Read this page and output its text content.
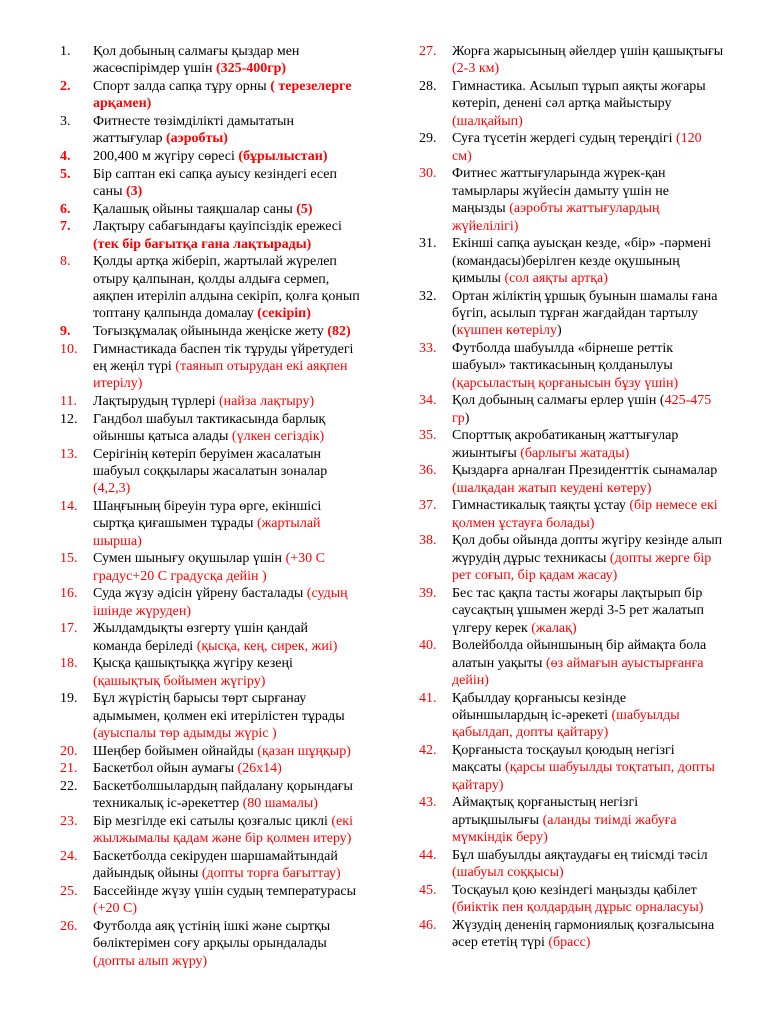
1.	Қол добының салмағы қыздар мен жасөспірімдер үшін (325-400гр)
2.	Спорт залда сапқа тұру орны ( терезелерге арқамен)
3.	Фитнесте төзімділікті дамытатын жаттығулар (аэробты)
4.	200,400 м жүгіру сөресі (бұрылыстан)
5.	Бір саптан екі сапқа ауысу кезіндегі есеп саны (3)
6.	Қалашық ойыны таяқшалар саны (5)
7.	Лақтыру сабағындағы қауіпсіздік ережесі (тек бір бағытқа ғана лақтырады)
8.	Қолды артқа жіберіп, жартылай жүрелеп отыру қалпынан, қолды алдыға сермеп, аяқпен итеріліп алдына секіріп, қолға қонып топтану қалпында домалау (секіріп)
9.	Тоғызқұмалақ ойынында жеңіске жету (82)
10.	Гимнастикада баспен тік тұруды үйретудегі ең жеңіл түрі (таянып отырудан екі аяқпен итерілу)
11.	Лақтырудың түрлері (найза лақтыру)
12.	Гандбол шабуыл тактикасында барлық ойыншы қатыса алады (үлкен сегіздік)
13.	Серігінің көтеріп беруімен жасалатын шабуыл соққылары жасалатын зоналар (4,2,3)
14.	Шаңғының біреуін тура өрге, екіншісі сыртқа қиғашымен тұрады (жартылай шырша)
15.	Сумен шынығу оқушылар үшін (+30 С градус+20 С градусқа дейін )
16.	Суда жүзу әдісін үйрену басталады (судың ішінде жүруден)
17.	Жылдамдықты өзгерту үшін қандай команда беріледі (қысқа, кең, сирек, жиі)
18.	Қысқа қашықтыққа жүгіру кезеңі (қашықтық бойымен жүгіру)
19.	Бұл жүрістің барысы төрт сырғанау адымымен, қолмен екі итерілістен тұрады (ауыспалы төр адымды жүріс )
20.	Шеңбер бойымен ойнайды (қазан шұңқыр)
21.	Баскетбол ойын аумағы (26х14)
22.	Баскетболшылардың пайдалану қорындағы техникалық іс-әрекеттер (80 шамалы)
23.	Бір мезгілде екі сатылы қозғалыс циклі (екі жылжымалы қадам және бір қолмен итеру)
24.	Баскетболда секіруден шаршамайтындай дайындық ойыны (допты торға бағыттау)
25.	Бассейінде жүзу үшін судың температурасы (+20 С)
26.	Футболда аяқ үстінің ішкі және сыртқы бөліктерімен соғу арқылы орындалады (допты алып жүру)
27.	Жорға жарысының әйелдер үшін қашықтығы (2-3 км)
28.	Гимнастика. Асылып тұрып аяқты жоғары көтеріп, денені сәл артқа майыстыру (шалқайып)
29.	Суға түсетін жердегі судың тереңдігі (120 см)
30.	Фитнес жаттығуларында жүрек-қан тамырлары жүйесін дамыту үшін не маңызды (аэробты жаттығулардың жүйелілігі)
31.	Екінші сапқа ауысқан кезде, «бір» -пәрмені (командасы)берілген кезде оқушының қимылы (сол аяқты артқа)
32.	Ортан жіліктің ұршық буынын шамалы ғана бүгіп, асылып тұрған жағдайдан тартылу (күшпен көтерілу)
33.	Футболда шабуылда «бірнеше реттік шабуыл» тактикасының қолданылуы (қарсыластың қорғанысын бұзу үшін)
34.	Қол добының салмағы ерлер үшін (425-475 гр)
35.	Спорттық акробатиканың жаттығулар жиынтығы (барлығы жатады)
36.	Қыздарға арналған Президенттік сынамалар (шалқадан жатып кеудені көтеру)
37.	Гимнастикалық таяқты ұстау (бір немесе екі қолмен ұстауға болады)
38.	Қол добы ойында допты жүгіру кезінде алып жүрудің дұрыс техникасы (допты жерге бір рет соғып, бір қадам жасау)
39.	Бес тас қақпа тасты жоғары лақтырып бір саусақтың ұшымен жерді 3-5 рет жалатып үлгеру керек (жалақ)
40.	Волейболда ойыншының бір аймақта бола алатын уақыты (өз аймағын ауыстырғанға дейін)
41.	Қабылдау қорғанысы кезінде ойыншылардың іс-әрекеті (шабуылды қабылдап, допты қайтару)
42.	Қорғаныста тосқауыл қоюдың негізгі мақсаты (қарсы шабуылды тоқтатып, допты қайтару)
43.	Аймақтық қорғаныстың негізгі артықшылығы (аланды тиімді жабуға мүмкіндік беру)
44.	Бұл шабуылды аяқтаудағы ең тиісмді тәсіл (шабуыл соққысы)
45.	Тосқауыл қою кезіндегі маңызды қабілет (биіктік пен қолдардың дұрыс орналасуы)
46.	Жүзудің дененің гармониялық қозғалысына әсер ететің түрі (брасс)
